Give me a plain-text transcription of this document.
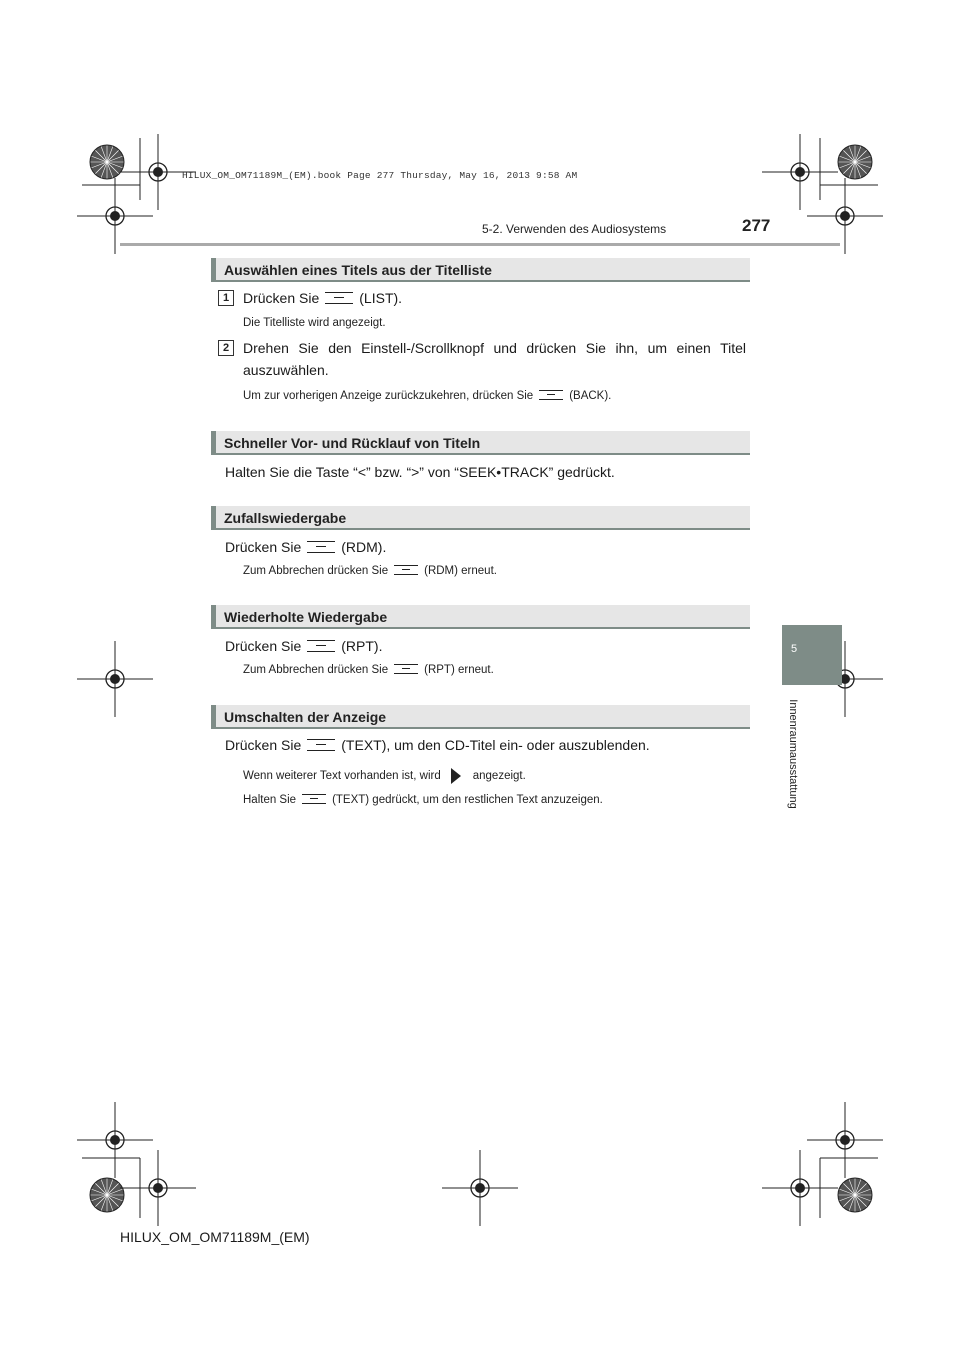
HILUX_OM_OM71189M_(EM).book Page 277 Thursday, May 16, 2013 9:58 AM
5-2. Verwenden des Audiosystems	277
5
Innenraumausstattung
Auswählen eines Titels aus der Titelliste
1 Drücken Sie	(LIST).
Die Titelliste wird angezeigt.
2 Drehen Sie den Einstell-/Scrollknopf und drücken Sie ihn, um einen Titel auszuwählen.
Um zur vorherigen Anzeige zurückzukehren, drücken Sie	(BACK).
Schneller Vor- und Rücklauf von Titeln
Halten Sie die Taste “<” bzw. “>” von “SEEK•TRACK” gedrückt.
Zufallswiedergabe
Drücken Sie	(RDM).
Zum Abbrechen drücken Sie	(RDM) erneut.
Wiederholte Wiedergabe
Drücken Sie	(RPT).
Zum Abbrechen drücken Sie	(RPT) erneut.
Umschalten der Anzeige
Drücken Sie	(TEXT), um den CD-Titel ein- oder auszublenden.
Wenn weiterer Text vorhanden ist, wird	angezeigt.
Halten Sie	(TEXT) gedrückt, um den restlichen Text anzuzeigen.
HILUX_OM_OM71189M_(EM)
